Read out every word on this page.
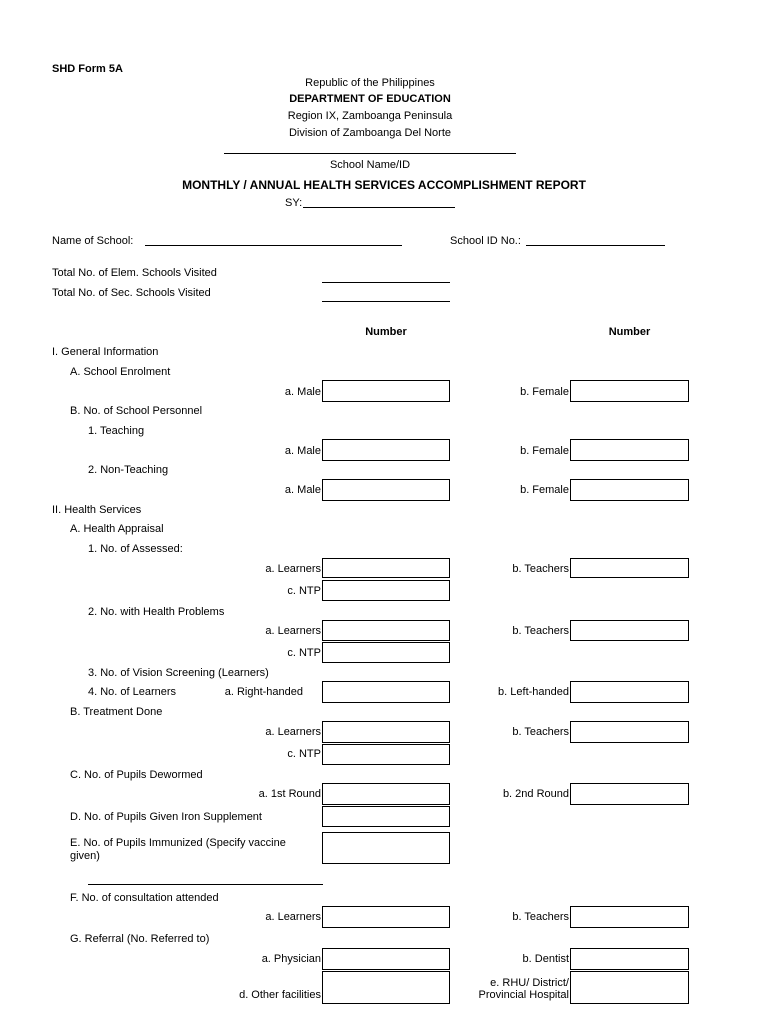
SHD Form 5A
Republic of the Philippines
DEPARTMENT OF EDUCATION
Region IX, Zamboanga Peninsula
Division of Zamboanga Del Norte
School Name/ID
MONTHLY / ANNUAL HEALTH SERVICES ACCOMPLISHMENT REPORT
SY:
Name of School:	School ID No.:
Total No. of Elem. Schools Visited
Total No. of Sec. Schools Visited
Number	Number
I. General Information
A. School Enrolment
a. Male	b. Female
B. No. of School Personnel
1. Teaching
a. Male	b. Female
2. Non-Teaching
a. Male	b. Female
II. Health Services
A. Health Appraisal
1. No. of Assessed:
a. Learners	b. Teachers
c. NTP
2. No. with Health Problems
a. Learners	b. Teachers
c. NTP
3. No. of Vision Screening (Learners)
4. No. of Learners	a. Right-handed	b. Left-handed
B. Treatment Done
a. Learners	b. Teachers
c. NTP
C. No. of Pupils Dewormed
a. 1st Round	b. 2nd Round
D. No. of Pupils Given Iron Supplement
E. No. of Pupils Immunized (Specify vaccine
given)
F. No. of consultation attended
a. Learners	b. Teachers
G. Referral (No. Referred to)
a. Physician	b. Dentist
d. Other facilities
e. RHU/ District/
Provincial Hospital
